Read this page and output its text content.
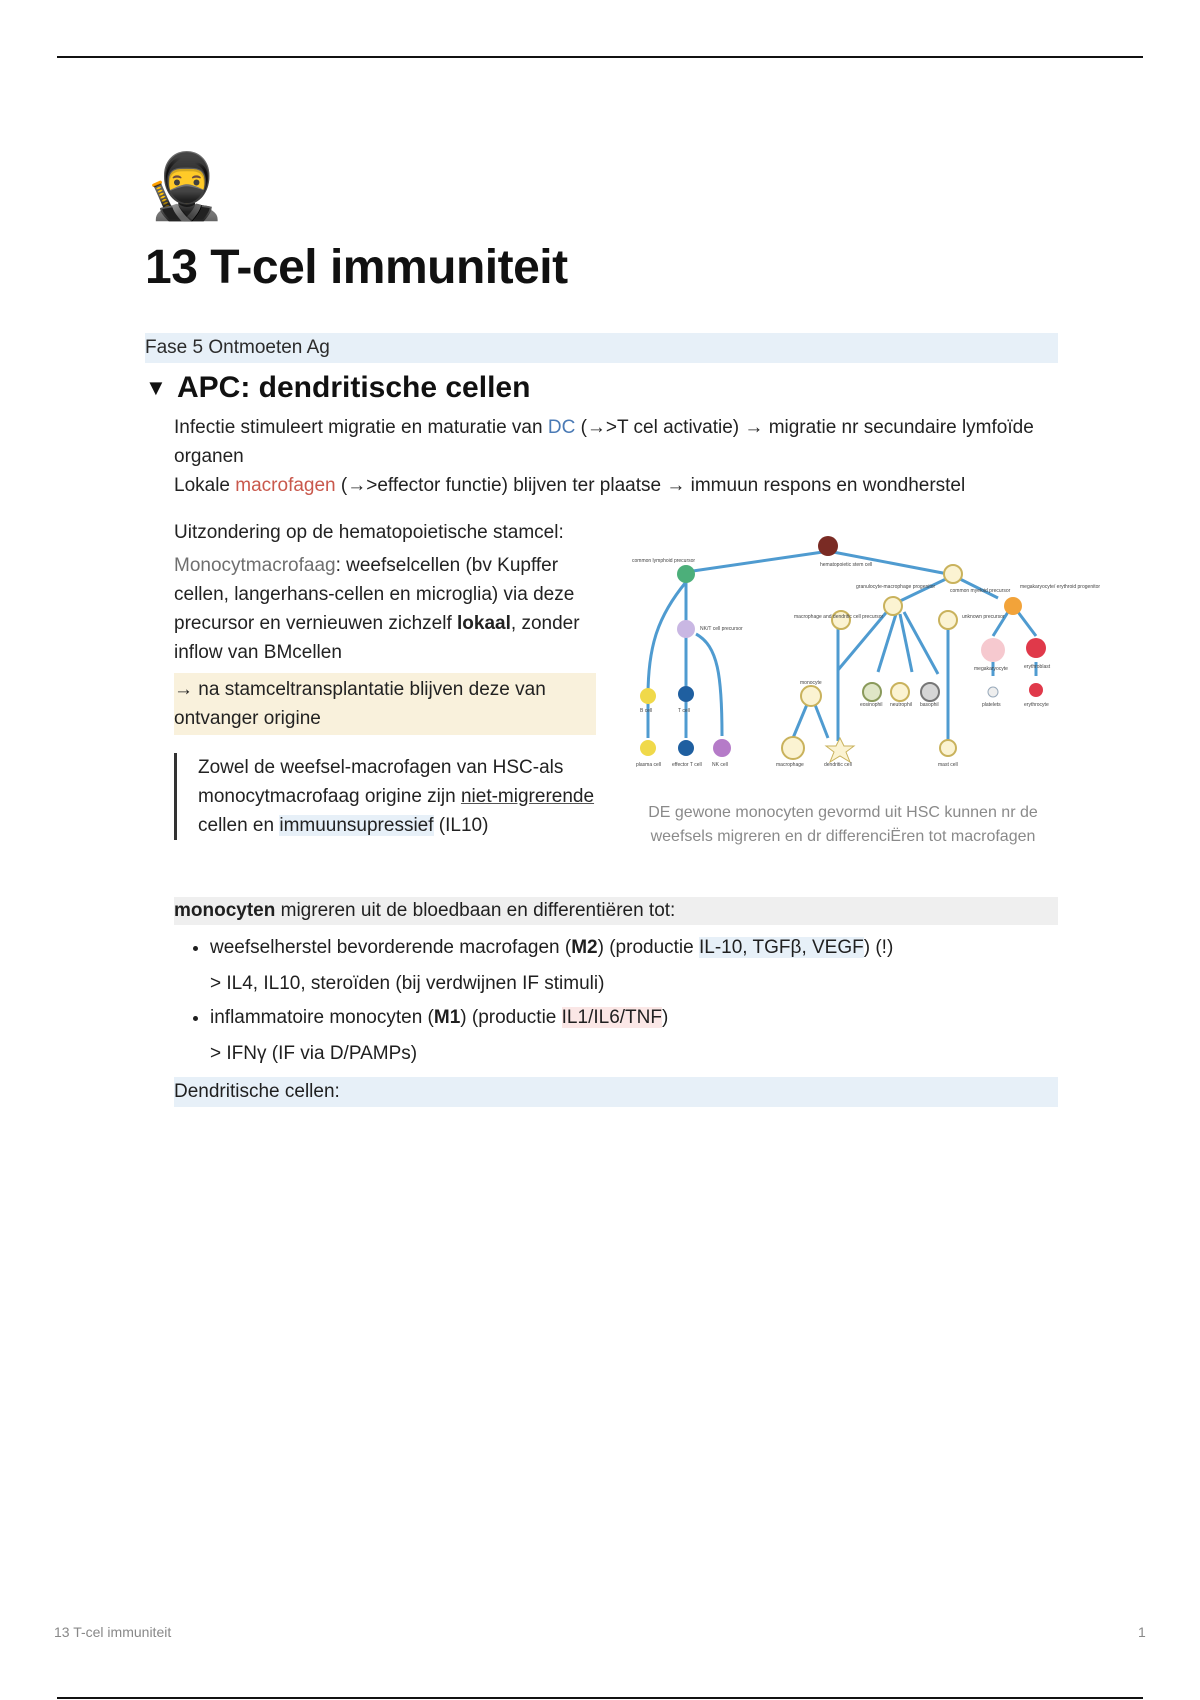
🥷
13 T-cel immuniteit
Fase 5 Ontmoeten Ag
▼ APC: dendritische cellen
Infectie stimuleert migratie en maturatie van DC (→>T cel activatie) → migratie nr secundaire lymfoïde organen
Lokale macrofagen (→>effector functie) blijven ter plaatse → immuun respons en wondherstel
Uitzondering op de hematopoietische stamcel:
Monocytmacrofaag: weefselcellen (bv Kupffer cellen, langerhans-cellen en microglia) via deze precursor en vernieuwen zichzelf lokaal, zonder inflow van BMcellen
→ na stamceltransplantatie blijven deze van ontvanger origine
Zowel de weefsel-macrofagen van HSC-als monocytmacrofaag origine zijn niet-migrerende cellen en immuunsupressief (IL10)
hematopoietic stem cell
common lymphoid precursor
common myeloid precursor
granulocyte-macrophage progenitor	megakaryocyte/ erythroid progenitor
macrophage and dendritic cell precursor
NK/T cell precursor
unknown precursor
B cell	T cell
NK cell
plasma cell effector T cell
monocyte
macrophage	dendritic cell
eosinophil neutrophil basophil
mast cell
megakaryocyte	erythroblast
platelets	erythrocyte
DE gewone monocyten gevormd uit HSC kunnen nr de weefsels migreren en dr differenciËren tot macrofagen
monocyten migreren uit de bloedbaan en differentiëren tot:
• weefselherstel bevorderende macrofagen (M2) (productie IL-10, TGFβ, VEGF) (!)
> IL4, IL10, steroïden (bij verdwijnen IF stimuli)
• inflammatoire monocyten (M1) (productie IL1/IL6/TNF)
> IFNγ (IF via D/PAMPs)
Dendritische cellen:
13 T-cel immuniteit	1
